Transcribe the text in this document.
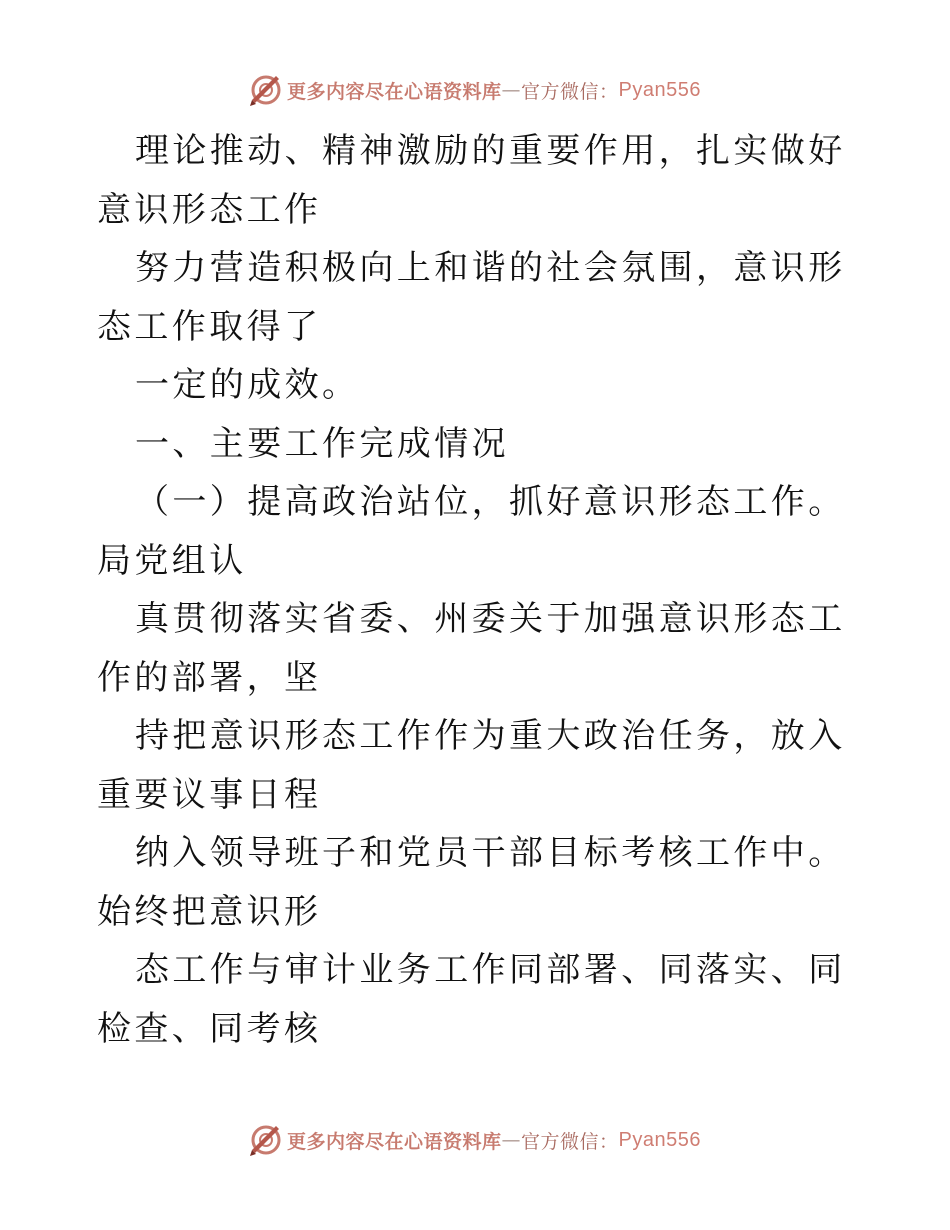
更多内容尽在心语资料库 — 官方微信： Pyan556

理论推动、精神激励的重要作用，扎实做好意识形态工作

努力营造积极向上和谐的社会氛围，意识形态工作取得了

一定的成效。

一、主要工作完成情况

（一）提高政治站位，抓好意识形态工作。局党组认

真贯彻落实省委、州委关于加强意识形态工作的部署，坚

持把意识形态工作作为重大政治任务，放入重要议事日程

纳入领导班子和党员干部目标考核工作中。始终把意识形

态工作与审计业务工作同部署、同落实、同检查、同考核

更多内容尽在心语资料库 — 官方微信： Pyan556
